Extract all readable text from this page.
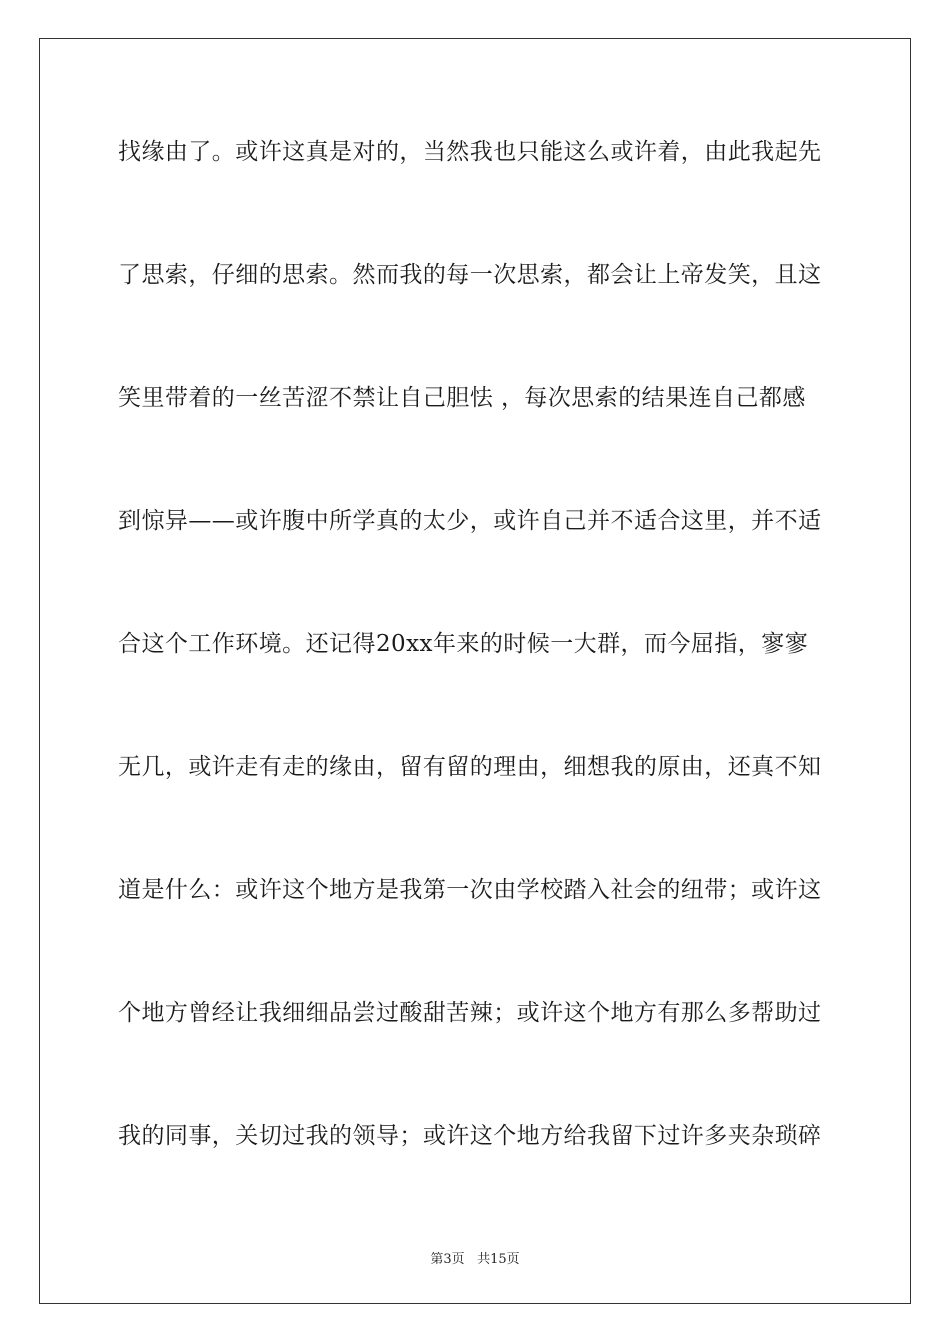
找缘由了。或许这真是对的，当然我也只能这么或许着，由此我起先
了思索，仔细的思索。然而我的每一次思索，都会让上帝发笑，且这
笑里带着的一丝苦涩不禁让自己胆怯 ，每次思索的结果连自己都感
到惊异——或许腹中所学真的太少，或许自己并不适合这里，并不适
合这个工作环境。还记得20xx年来的时候一大群，而今屈指，寥寥
无几，或许走有走的缘由，留有留的理由，细想我的原由，还真不知
道是什么：或许这个地方是我第一次由学校踏入社会的纽带；或许这
个地方曾经让我细细品尝过酸甜苦辣；或许这个地方有那么多帮助过
我的同事，关切过我的领导；或许这个地方给我留下过许多夹杂琐碎
第3页 共15页
